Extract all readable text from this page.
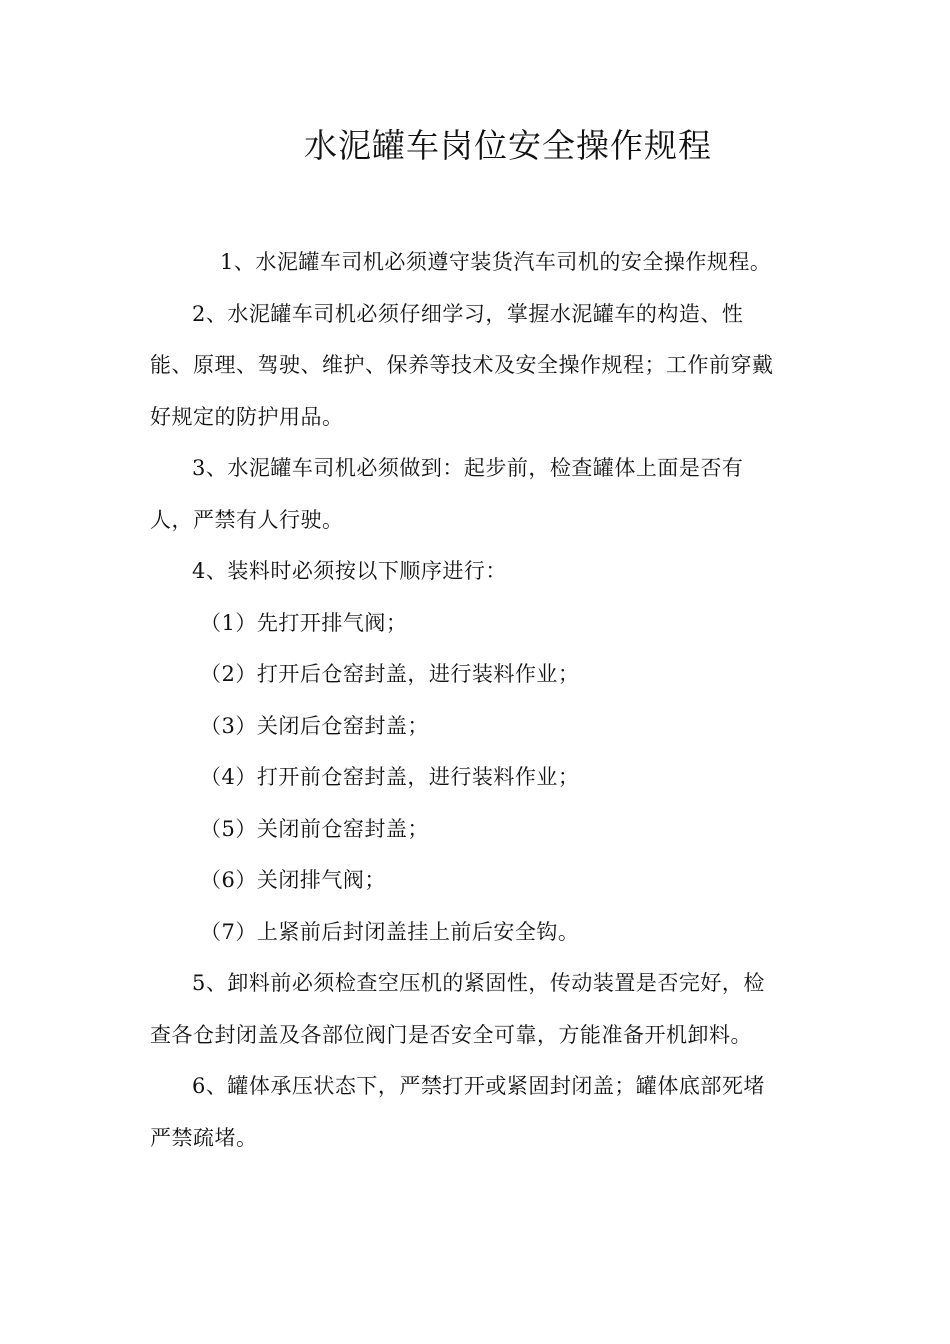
水泥罐车岗位安全操作规程

1、水泥罐车司机必须遵守装货汽车司机的安全操作规程。

2、水泥罐车司机必须仔细学习，掌握水泥罐车的构造、性

能、原理、驾驶、维护、保养等技术及安全操作规程；工作前穿戴

好规定的防护用品。

3、水泥罐车司机必须做到：起步前，检查罐体上面是否有

人，严禁有人行驶。

4、装料时必须按以下顺序进行：

（1）先打开排气阀；

（2）打开后仓窑封盖，进行装料作业；

（3）关闭后仓窑封盖；

（4）打开前仓窑封盖，进行装料作业；

（5）关闭前仓窑封盖；

（6）关闭排气阀；

（7）上紧前后封闭盖挂上前后安全钩。

5、卸料前必须检查空压机的紧固性，传动装置是否完好，检

查各仓封闭盖及各部位阀门是否安全可靠，方能准备开机卸料。

6、罐体承压状态下，严禁打开或紧固封闭盖；罐体底部死堵

严禁疏堵。
